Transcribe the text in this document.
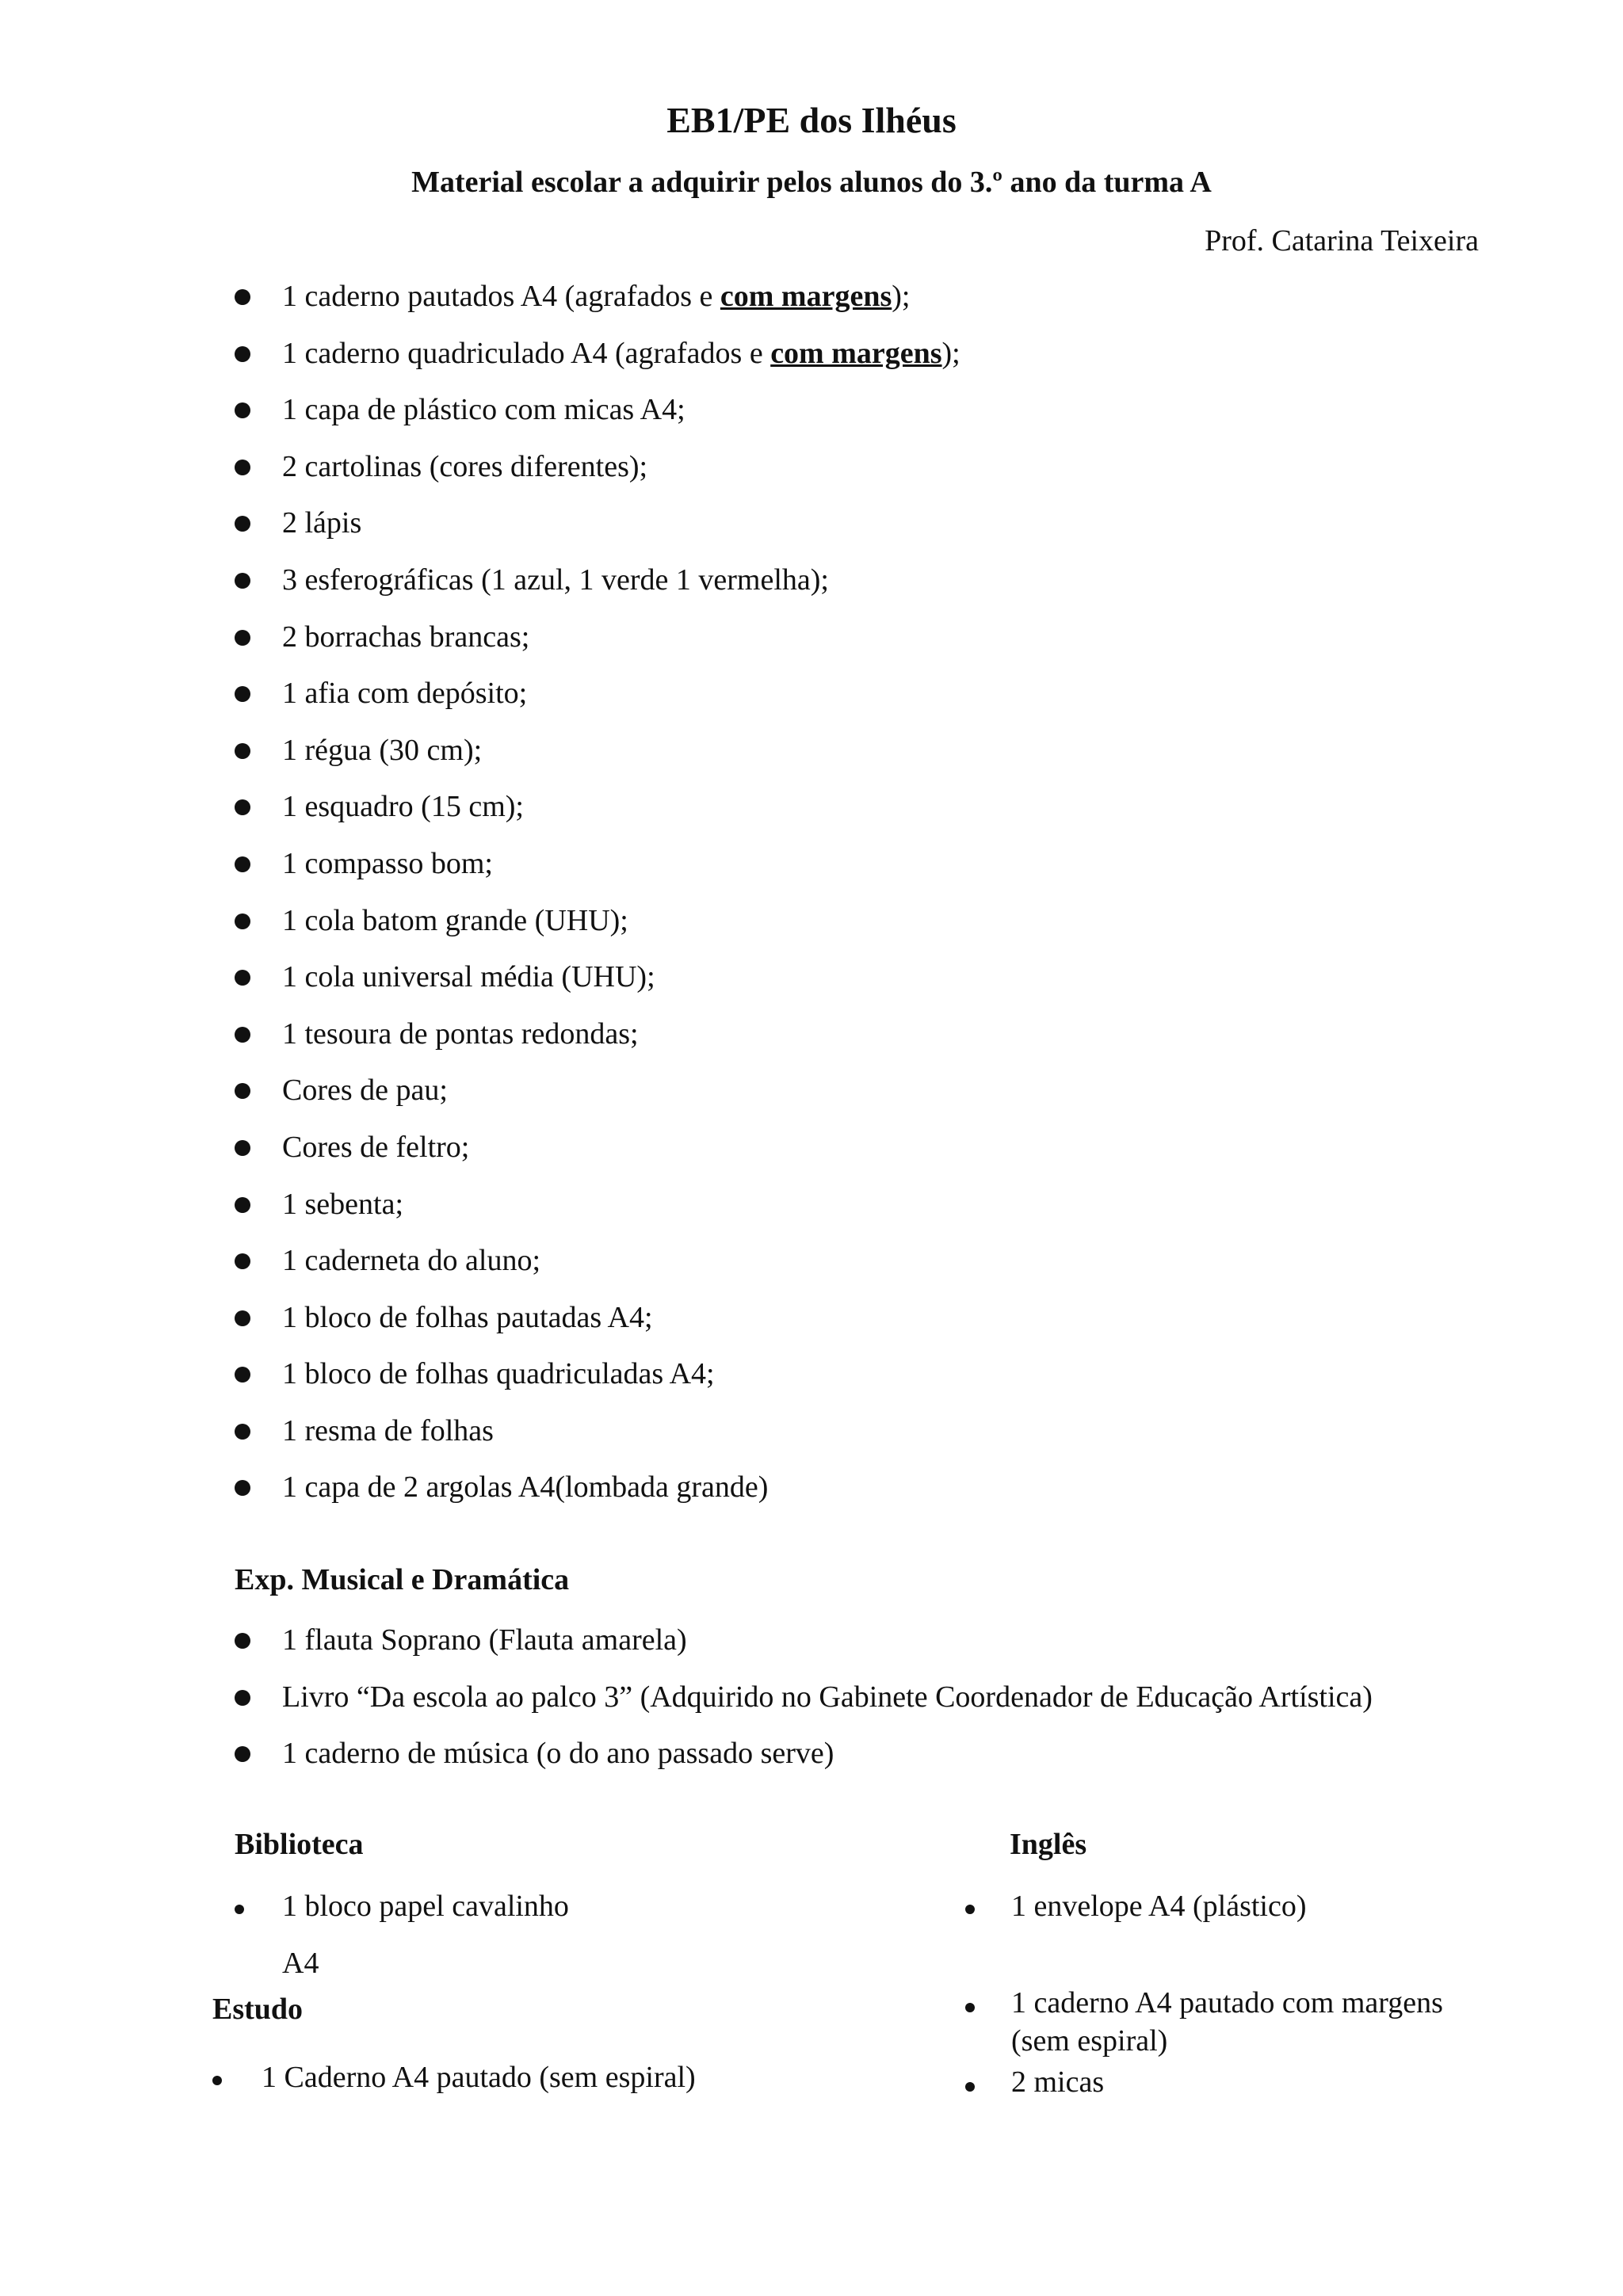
EB1/PE dos Ilhéus
Material escolar a adquirir pelos alunos do 3.º ano da turma A
Prof. Catarina Teixeira
1 caderno pautados A4 (agrafados e com margens);
1 caderno quadriculado A4 (agrafados e com margens);
1 capa de plástico com micas A4;
2 cartolinas (cores diferentes);
2 lápis
3 esferográficas (1 azul, 1 verde 1 vermelha);
2 borrachas brancas;
1 afia com depósito;
1 régua (30 cm);
1 esquadro (15 cm);
1 compasso bom;
1 cola batom grande (UHU);
1 cola universal média (UHU);
1 tesoura de pontas redondas;
Cores de pau;
Cores de feltro;
1 sebenta;
1 caderneta do aluno;
1 bloco de folhas pautadas A4;
1 bloco de folhas quadriculadas A4;
1 resma de folhas
1 capa de 2 argolas A4(lombada grande)
Exp. Musical e Dramática
1 flauta Soprano (Flauta amarela)
Livro “Da escola ao palco 3” (Adquirido no Gabinete Coordenador de Educação Artística)
1 caderno de música (o do ano passado serve)
Biblioteca
1 bloco papel cavalinho
A4
Estudo
1 Caderno A4 pautado (sem espiral)
Inglês
1 envelope A4 (plástico)
1 caderno A4 pautado com margens (sem espiral)
2 micas
